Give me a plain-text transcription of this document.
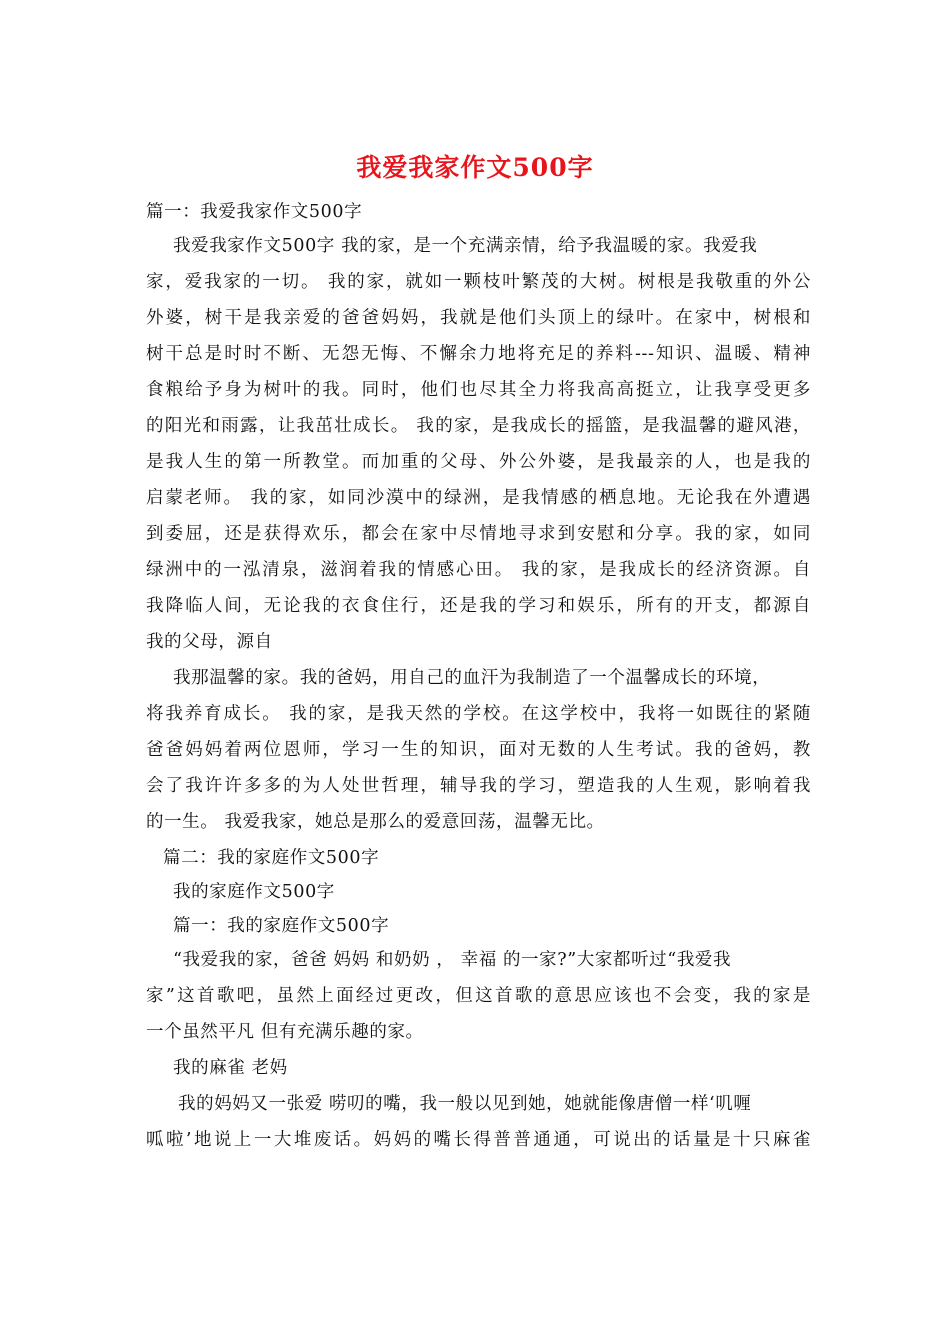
我爱我家作文500字
篇一：我爱我家作文500字
我爱我家作文500字 我的家，是一个充满亲情，给予我温暖的家。我爱我
家，爱我家的一切。 我的家，就如一颗枝叶繁茂的大树。树根是我敬重的外公
外婆，树干是我亲爱的爸爸妈妈，我就是他们头顶上的绿叶。在家中，树根和
树干总是时时不断、无怨无悔、不懈余力地将充足的养料---知识、温暖、精神
食粮给予身为树叶的我。同时，他们也尽其全力将我高高挺立，让我享受更多
的阳光和雨露，让我茁壮成长。 我的家，是我成长的摇篮，是我温馨的避风港，
是我人生的第一所教堂。而加重的父母、外公外婆，是我最亲的人，也是我的
启蒙老师。 我的家，如同沙漠中的绿洲，是我情感的栖息地。无论我在外遭遇
到委屈，还是获得欢乐，都会在家中尽情地寻求到安慰和分享。我的家，如同
绿洲中的一泓清泉，滋润着我的情感心田。 我的家，是我成长的经济资源。自
我降临人间，无论我的衣食住行，还是我的学习和娱乐，所有的开支，都源自
我的父母，源自
我那温馨的家。我的爸妈，用自己的血汗为我制造了一个温馨成长的环境，
将我养育成长。 我的家，是我天然的学校。在这学校中，我将一如既往的紧随
爸爸妈妈着两位恩师，学习一生的知识，面对无数的人生考试。我的爸妈，教
会了我许许多多的为人处世哲理，辅导我的学习，塑造我的人生观，影响着我
的一生。 我爱我家，她总是那么的爱意回荡，温馨无比。
篇二：我的家庭作文500字
我的家庭作文500字
篇一：我的家庭作文500字
“我爱我的家，爸爸 妈妈 和奶奶 ， 幸福 的一家?”大家都听过“我爱我
家”这首歌吧，虽然上面经过更改，但这首歌的意思应该也不会变，我的家是
一个虽然平凡 但有充满乐趣的家。
我的麻雀 老妈
我的妈妈又一张爱 唠叨的嘴，我一般以见到她，她就能像唐僧一样‘叽喱
呱啦’地说上一大堆废话。妈妈的嘴长得普普通通，可说出的话量是十只麻雀
